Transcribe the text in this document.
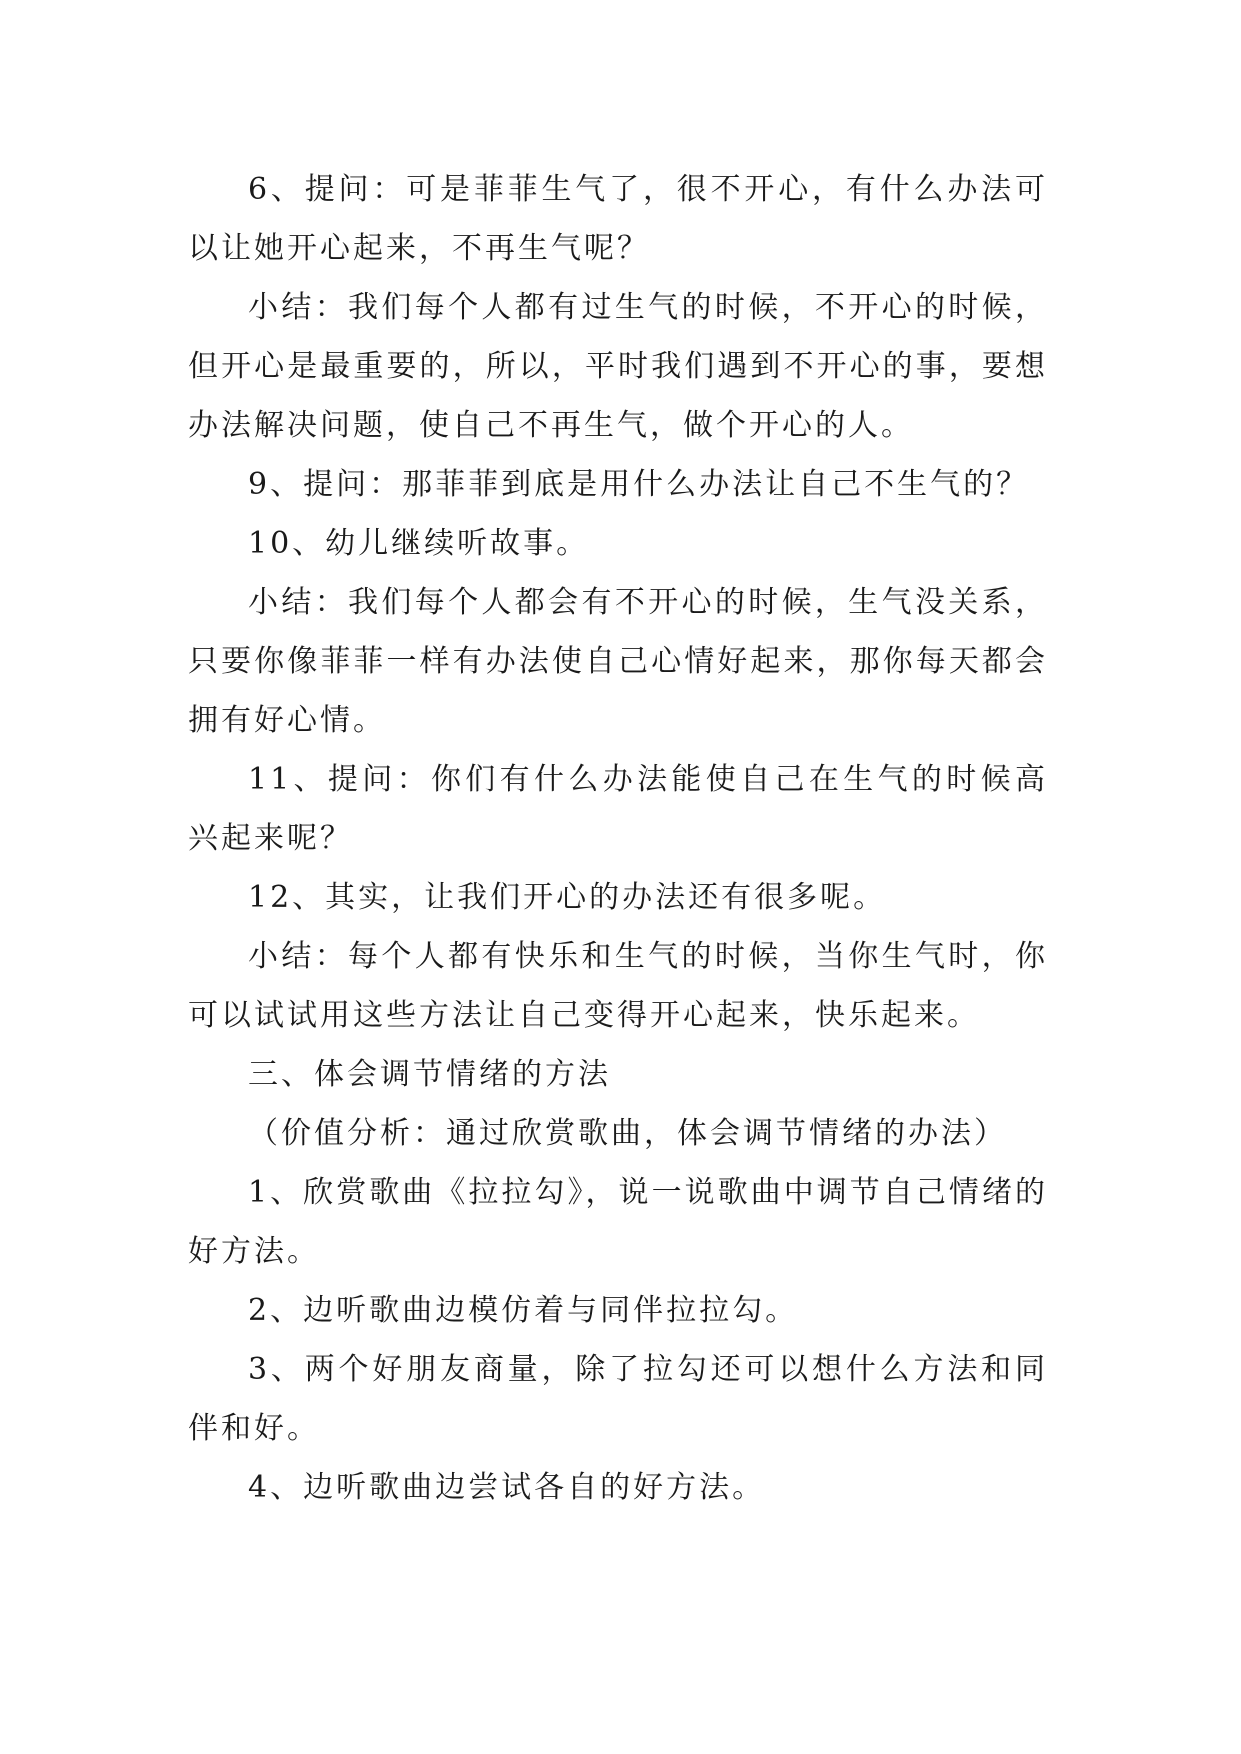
6、提问：可是菲菲生气了，很不开心，有什么办法可以让她开心起来，不再生气呢？

小结：我们每个人都有过生气的时候，不开心的时候，但开心是最重要的，所以，平时我们遇到不开心的事，要想办法解决问题，使自己不再生气，做个开心的人。

9、提问：那菲菲到底是用什么办法让自己不生气的？

10、幼儿继续听故事。

小结：我们每个人都会有不开心的时候，生气没关系，只要你像菲菲一样有办法使自己心情好起来，那你每天都会拥有好心情。

11、提问：你们有什么办法能使自己在生气的时候高兴起来呢？

12、其实，让我们开心的办法还有很多呢。

小结：每个人都有快乐和生气的时候，当你生气时，你可以试试用这些方法让自己变得开心起来，快乐起来。

三、体会调节情绪的方法

（价值分析：通过欣赏歌曲，体会调节情绪的办法）

1、欣赏歌曲《拉拉勾》，说一说歌曲中调节自己情绪的好方法。

2、边听歌曲边模仿着与同伴拉拉勾。

3、两个好朋友商量，除了拉勾还可以想什么方法和同伴和好。

4、边听歌曲边尝试各自的好方法。
